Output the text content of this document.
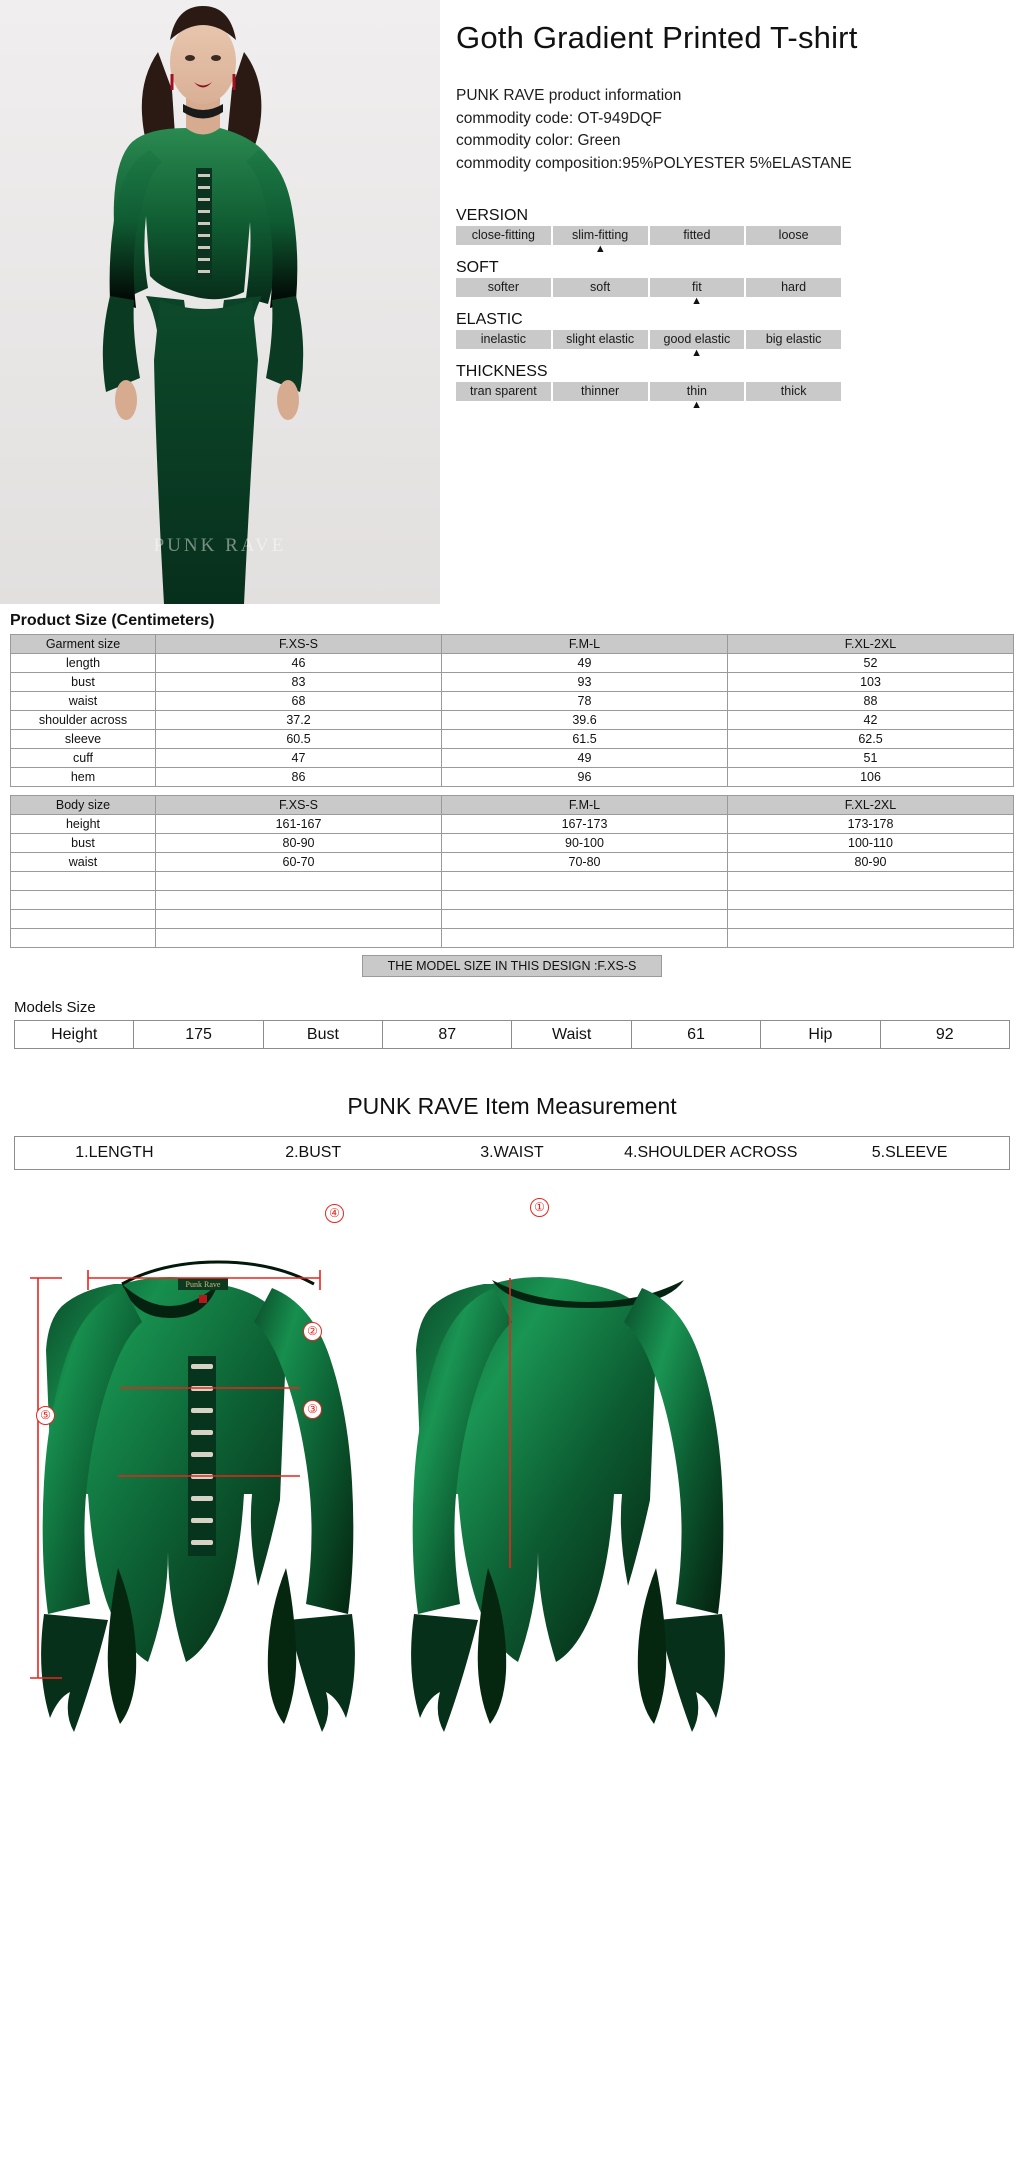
PUNK RAVE
Goth Gradient Printed T-shirt
PUNK RAVE product information
commodity code: OT-949DQF
commodity color: Green
commodity composition:95%POLYESTER 5%ELASTANE
VERSION
close-fitting	slim-fitting	fitted	loose
▲
SOFT
softer	soft	fit	hard
▲
ELASTIC
inelastic	slight elastic	good elastic	big elastic
▲
THICKNESS
tran sparent	thinner	thin	thick
▲
Product Size (Centimeters)
Garment size	F.XS-S	F.M-L	F.XL-2XL
length	46	49	52
bust	83	93	103
waist	68	78	88
shoulder across	37.2	39.6	42
sleeve	60.5	61.5	62.5
cuff	47	49	51
hem	86	96	106
Body size	F.XS-S	F.M-L	F.XL-2XL
height	161-167	167-173	173-178
bust	80-90	90-100	100-110
waist	60-70	70-80	80-90

THE MODEL SIZE IN THIS DESIGN :F.XS-S
Models Size
Height	175	Bust	87	Waist	61	Hip	92
PUNK RAVE Item Measurement
1.LENGTH	2.BUST	3.WAIST	4.SHOULDER ACROSS	5.SLEEVE
Punk Rave
④
②
③
⑤
①
